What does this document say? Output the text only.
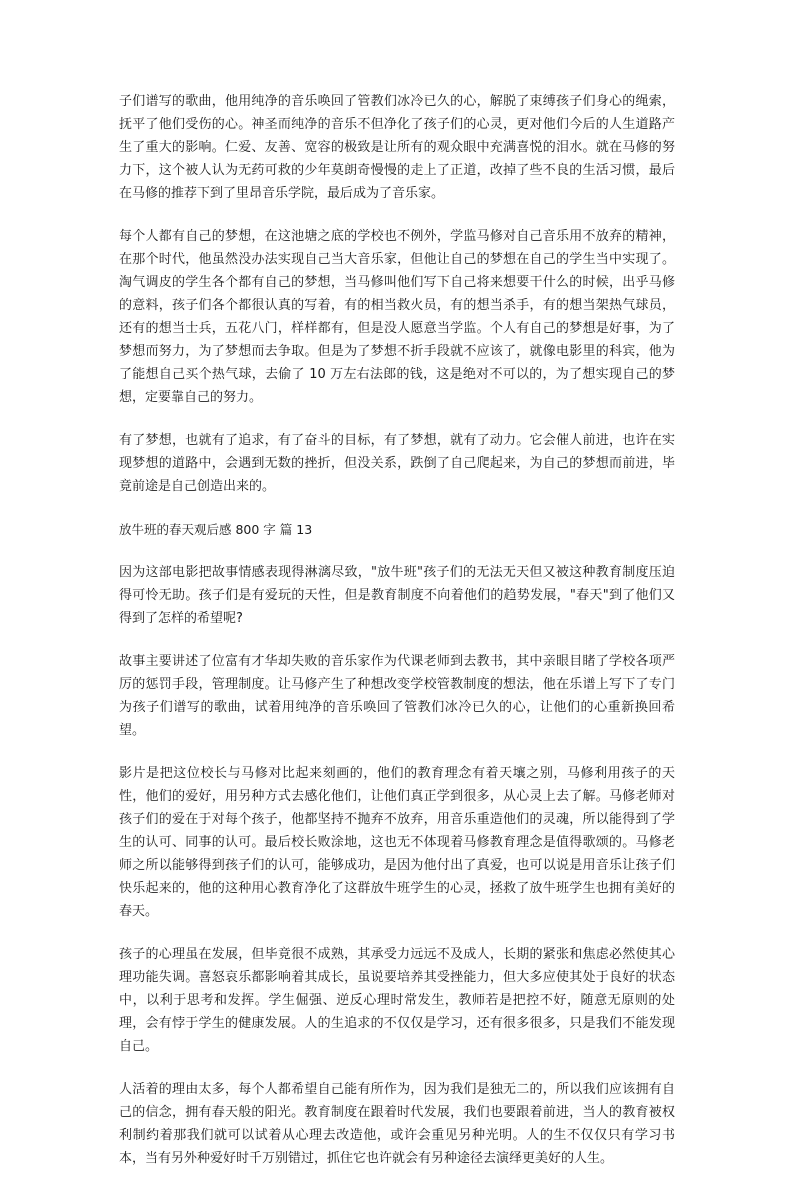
子们谱写的歌曲，他用纯净的音乐唤回了管教们冰冷已久的心，解脱了束缚孩子们身心的绳索，抚平了他们受伤的心。神圣而纯净的音乐不但净化了孩子们的心灵，更对他们今后的人生道路产生了重大的影响。仁爱、友善、宽容的极致是让所有的观众眼中充满喜悦的泪水。就在马修的努力下，这个被人认为无药可救的少年莫朗奇慢慢的走上了正道，改掉了些不良的生活习惯，最后在马修的推荐下到了里昂音乐学院，最后成为了音乐家。

每个人都有自己的梦想，在这池塘之底的学校也不例外，学监马修对自己音乐用不放弃的精神，在那个时代，他虽然没办法实现自己当大音乐家，但他让自己的梦想在自己的学生当中实现了。淘气调皮的学生各个都有自己的梦想，当马修叫他们写下自己将来想要干什么的时候，出乎马修的意料，孩子们各个都很认真的写着，有的相当救火员，有的想当杀手，有的想当架热气球员，还有的想当士兵，五花八门，样样都有，但是没人愿意当学监。个人有自己的梦想是好事，为了梦想而努力，为了梦想而去争取。但是为了梦想不折手段就不应该了，就像电影里的科宾，他为了能想自己买个热气球，去偷了 10 万左右法郎的钱，这是绝对不可以的，为了想实现自己的梦想，定要靠自己的努力。

有了梦想，也就有了追求，有了奋斗的目标，有了梦想，就有了动力。它会催人前进，也许在实现梦想的道路中，会遇到无数的挫折，但没关系，跌倒了自己爬起来，为自己的梦想而前进，毕竟前途是自己创造出来的。

放牛班的春天观后感 800 字 篇 13

因为这部电影把故事情感表现得淋漓尽致，"放牛班"孩子们的无法无天但又被这种教育制度压迫得可怜无助。孩子们是有爱玩的天性，但是教育制度不向着他们的趋势发展，"春天"到了他们又得到了怎样的希望呢?

故事主要讲述了位富有才华却失败的音乐家作为代课老师到去教书，其中亲眼目睹了学校各项严厉的惩罚手段，管理制度。让马修产生了种想改变学校管教制度的想法，他在乐谱上写下了专门为孩子们谱写的歌曲，试着用纯净的音乐唤回了管教们冰冷已久的心，让他们的心重新换回希望。

影片是把这位校长与马修对比起来刻画的，他们的教育理念有着天壤之别，马修利用孩子的天性，他们的爱好，用另种方式去感化他们，让他们真正学到很多，从心灵上去了解。马修老师对孩子们的爱在于对每个孩子，他都坚持不抛弃不放弃，用音乐重造他们的灵魂，所以能得到了学生的认可、同事的认可。最后校长败涂地，这也无不体现着马修教育理念是值得歌颂的。马修老师之所以能够得到孩子们的认可，能够成功，是因为他付出了真爱，也可以说是用音乐让孩子们快乐起来的，他的这种用心教育净化了这群放牛班学生的心灵，拯救了放牛班学生也拥有美好的春天。

孩子的心理虽在发展，但毕竟很不成熟，其承受力远远不及成人，长期的紧张和焦虑必然使其心理功能失调。喜怒哀乐都影响着其成长，虽说要培养其受挫能力，但大多应使其处于良好的状态中，以利于思考和发挥。学生倔强、逆反心理时常发生，教师若是把控不好，随意无原则的处理，会有悖于学生的健康发展。人的生追求的不仅仅是学习，还有很多很多，只是我们不能发现自己。

人活着的理由太多，每个人都希望自己能有所作为，因为我们是独无二的，所以我们应该拥有自己的信念，拥有春天般的阳光。教育制度在跟着时代发展，我们也要跟着前进，当人的教育被权利制约着那我们就可以试着从心理去改造他，或许会重见另种光明。人的生不仅仅只有学习书本，当有另外种爱好时千万别错过，抓住它也许就会有另种途径去演绎更美好的人生。
